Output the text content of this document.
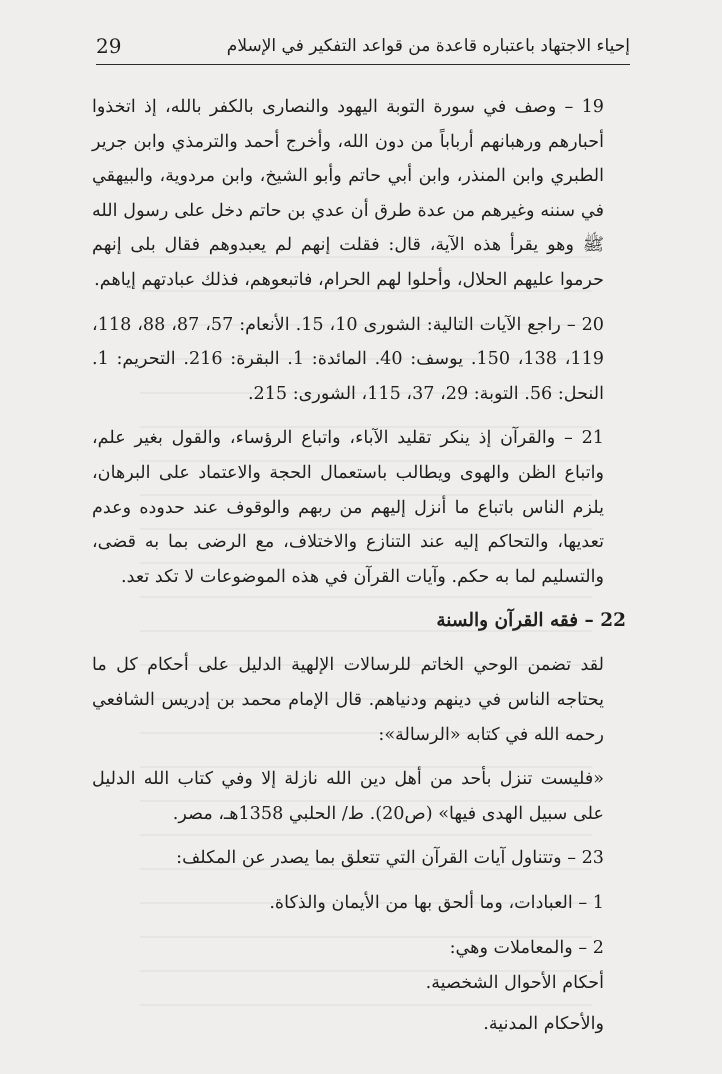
29	إحياء الاجتهاد باعتباره قاعدة من قواعد التفكير في الإسلام

19 – وصف في سورة التوبة اليهود والنصارى بالكفر بالله، إذ اتخذوا أحبارهم ورهبانهم أرباباً من دون الله، وأخرج أحمد والترمذي وابن جرير الطبري وابن المنذر، وابن أبي حاتم وأبو الشيخ، وابن مردوية، والبيهقي في سننه وغيرهم من عدة طرق أن عدي بن حاتم دخل على رسول الله ﷺ وهو يقرأ هذه الآية، قال: فقلت إنهم لم يعبدوهم فقال بلى إنهم حرموا عليهم الحلال، وأحلوا لهم الحرام، فاتبعوهم، فذلك عبادتهم إياهم.

20 – راجع الآيات التالية: الشورى 10، 15. الأنعام: 57، 87، 88، 118، 119، 138، 150. يوسف: 40. المائدة: 1. البقرة: 216. التحريم: 1. النحل: 56. التوبة: 29، 37، 115، الشورى: 215.

21 – والقرآن إذ ينكر تقليد الآباء، واتباع الرؤساء، والقول بغير علم، واتباع الظن والهوى ويطالب باستعمال الحجة والاعتماد على البرهان، يلزم الناس باتباع ما أنزل إليهم من ربهم والوقوف عند حدوده وعدم تعديها، والتحاكم إليه عند التنازع والاختلاف، مع الرضى بما به قضى، والتسليم لما به حكم. وآيات القرآن في هذه الموضوعات لا تكد تعد.

22 – فقه القرآن والسنة

لقد تضمن الوحي الخاتم للرسالات الإلهية الدليل على أحكام كل ما يحتاجه الناس في دينهم ودنياهم. قال الإمام محمد بن إدريس الشافعي رحمه الله في كتابه «الرسالة»:

«فليست تنزل بأحد من أهل دين الله نازلة إلا وفي كتاب الله الدليل على سبيل الهدى فيها» (ص20). ط/ الحلبي 1358هـ، مصر.

23 – وتتناول آيات القرآن التي تتعلق بما يصدر عن المكلف:

1 – العبادات، وما ألحق بها من الأيمان والذكاة.
2 – والمعاملات وهي:
أحكام الأحوال الشخصية.
والأحكام المدنية.
